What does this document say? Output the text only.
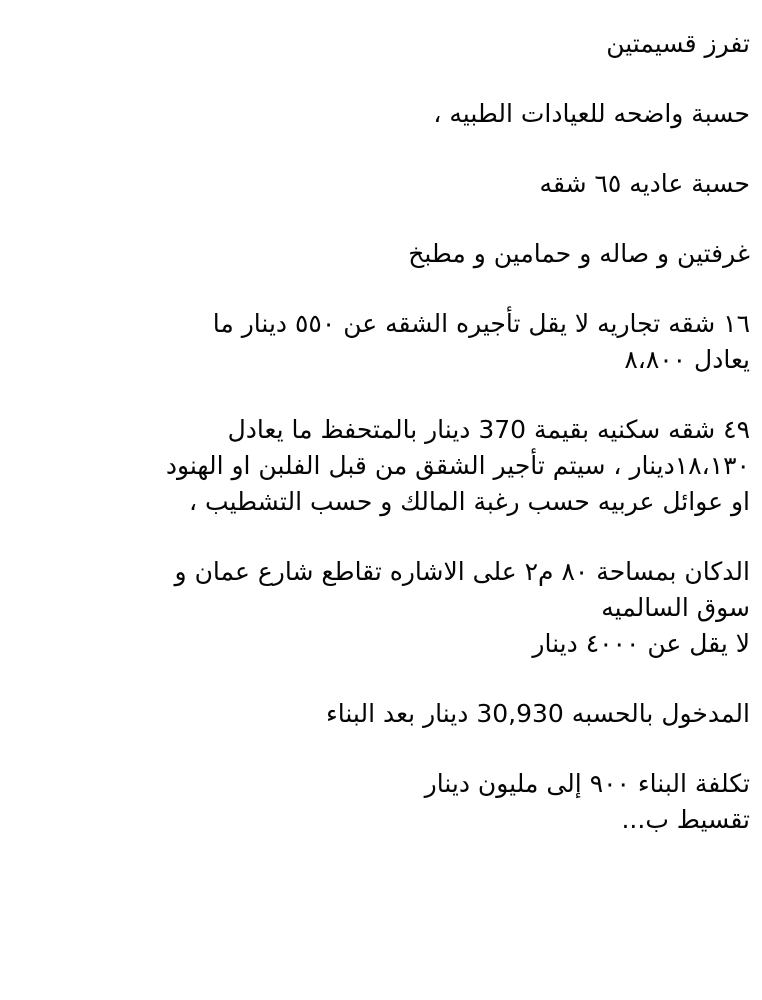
تفرز قسيمتين

حسبة واضحه للعيادات الطبيه ،

حسبة عاديه ٦٥ شقه

غرفتين و صاله و حمامين و مطبخ

١٦ شقه تجاريه لا يقل تأجيره الشقه عن ٥٥٠ دينار ما
يعادل ٨،٨٠٠

٤٩ شقه سكنيه بقيمة 370 دينار بالمتحفظ ما يعادل
١٨،١٣٠دينار ، سيتم تأجير الشقق من قبل الفلبن او الهنود
او عوائل عربيه حسب رغبة المالك و حسب التشطيب ،

الدكان بمساحة ٨٠ م٢ على الاشاره تقاطع شارع عمان و
سوق السالميه
لا يقل عن ٤٠٠٠ دينار

المدخول بالحسبه 30,930 دينار بعد البناء

تكلفة البناء ٩٠٠ إلى مليون دينار
تقسيط ب...
